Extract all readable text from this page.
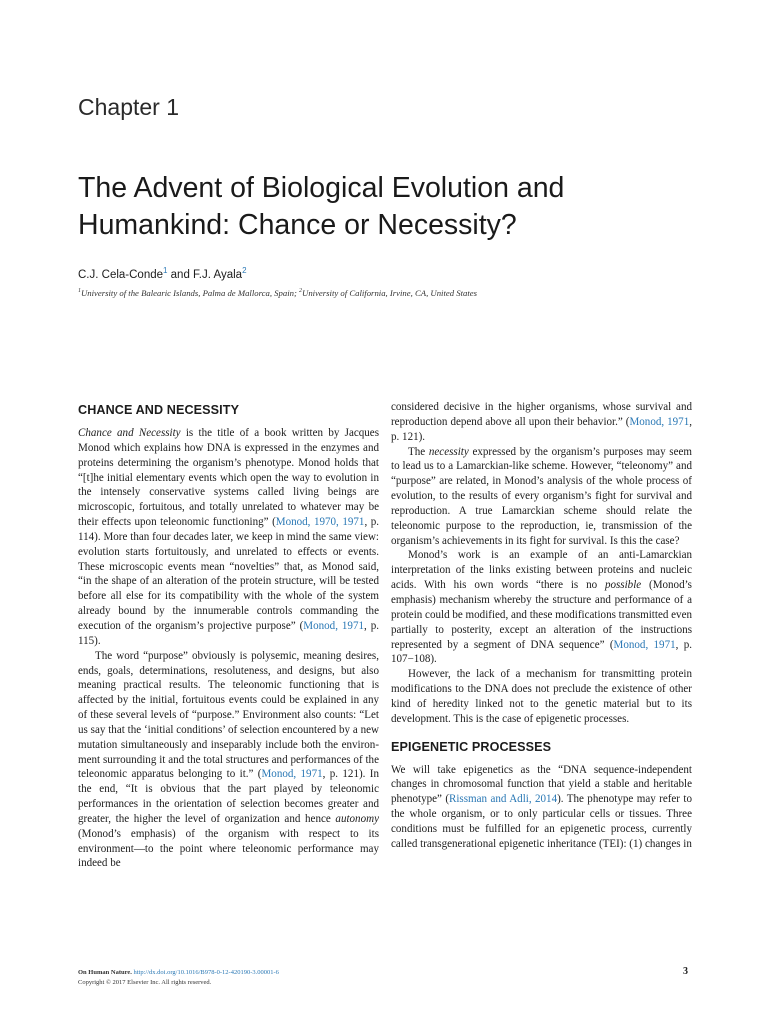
Chapter 1
The Advent of Biological Evolution and
Humankind: Chance or Necessity?
C.J. Cela-Conde$^1$ and F.J. Ayala$^2$
$^1$University of the Balearic Islands, Palma de Mallorca, Spain; $^2$University of California, Irvine, CA, United States
CHANCE AND NECESSITY

Chance and Necessity is the title of a book written by Jacques Monod which explains how DNA is expressed in the enzymes and proteins determining the organism’s phenotype. Monod holds that “[t]he initial elementary events which open the way to evolution in the intensely conservative systems called living beings are microscopic, fortuitous, and totally unrelated to whatever may be their effects upon teleonomic functioning” (Monod, 1970, 1971, p. 114). More than four decades later, we keep in mind the same view: evolution starts fortuitously, and unrelated to effects or events. These microscopic events mean “novelties” that, as Monod said, “in the shape of an alteration of the protein structure, will be tested before all else for its compatibility with the whole of the system already bound by the innumerable controls commanding the execution of the organism’s projective purpose” (Monod, 1971, p. 115).

The word “purpose” obviously is polysemic, meaning desires, ends, goals, determinations, resoluteness, and designs, but also meaning practical results. The teleonomic functioning that is affected by the initial, fortuitous events could be explained in any of these several levels of “purpose.” Environment also counts: “Let us say that the ‘initial conditions’ of selection encountered by a new mutation simultaneously and inseparably include both the environment surrounding it and the total structures and performances of the teleonomic apparatus belonging to it.” (Monod, 1971, p. 121). In the end, “It is obvious that the part played by teleonomic performances in the orientation of selection becomes greater and greater, the higher the level of organization and hence autonomy (Monod’s emphasis) of the organism with respect to its environment—to the point where teleonomic performance may indeed be

considered decisive in the higher organisms, whose survival and reproduction depend above all upon their behavior.” (Monod, 1971, p. 121).

The necessity expressed by the organism’s purposes may seem to lead us to a Lamarckian-like scheme. However, “teleonomy” and “purpose” are related, in Monod’s analysis of the whole process of evolution, to the results of every organism’s fight for survival and reproduction. A true Lamarckian scheme should relate the teleonomic purpose to the reproduction, ie, transmission of the organism’s achievements in its fight for survival. Is this the case?

Monod’s work is an example of an anti-Lamarckian interpretation of the links existing between proteins and nucleic acids. With his own words “there is no possible (Monod’s emphasis) mechanism whereby the structure and performance of a protein could be modified, and these modifications transmitted even partially to posterity, except an alteration of the instructions represented by a segment of DNA sequence” (Monod, 1971, p. 107−108).

However, the lack of a mechanism for transmitting protein modifications to the DNA does not preclude the existence of other kind of heredity linked not to the genetic material but to its development. This is the case of epigenetic processes.

EPIGENETIC PROCESSES

We will take epigenetics as the “DNA sequence-independent changes in chromosomal function that yield a stable and heritable phenotype” (Rissman and Adli, 2014). The phenotype may refer to the whole organism, or to only particular cells or tissues. Three conditions must be fulfilled for an epigenetic process, currently called transgenerational epigenetic inheritance (TEI): (1) changes in

On Human Nature. http://dx.doi.org/10.1016/B978-0-12-420190-3.00001-6
Copyright © 2017 Elsevier Inc. All rights reserved.
3
